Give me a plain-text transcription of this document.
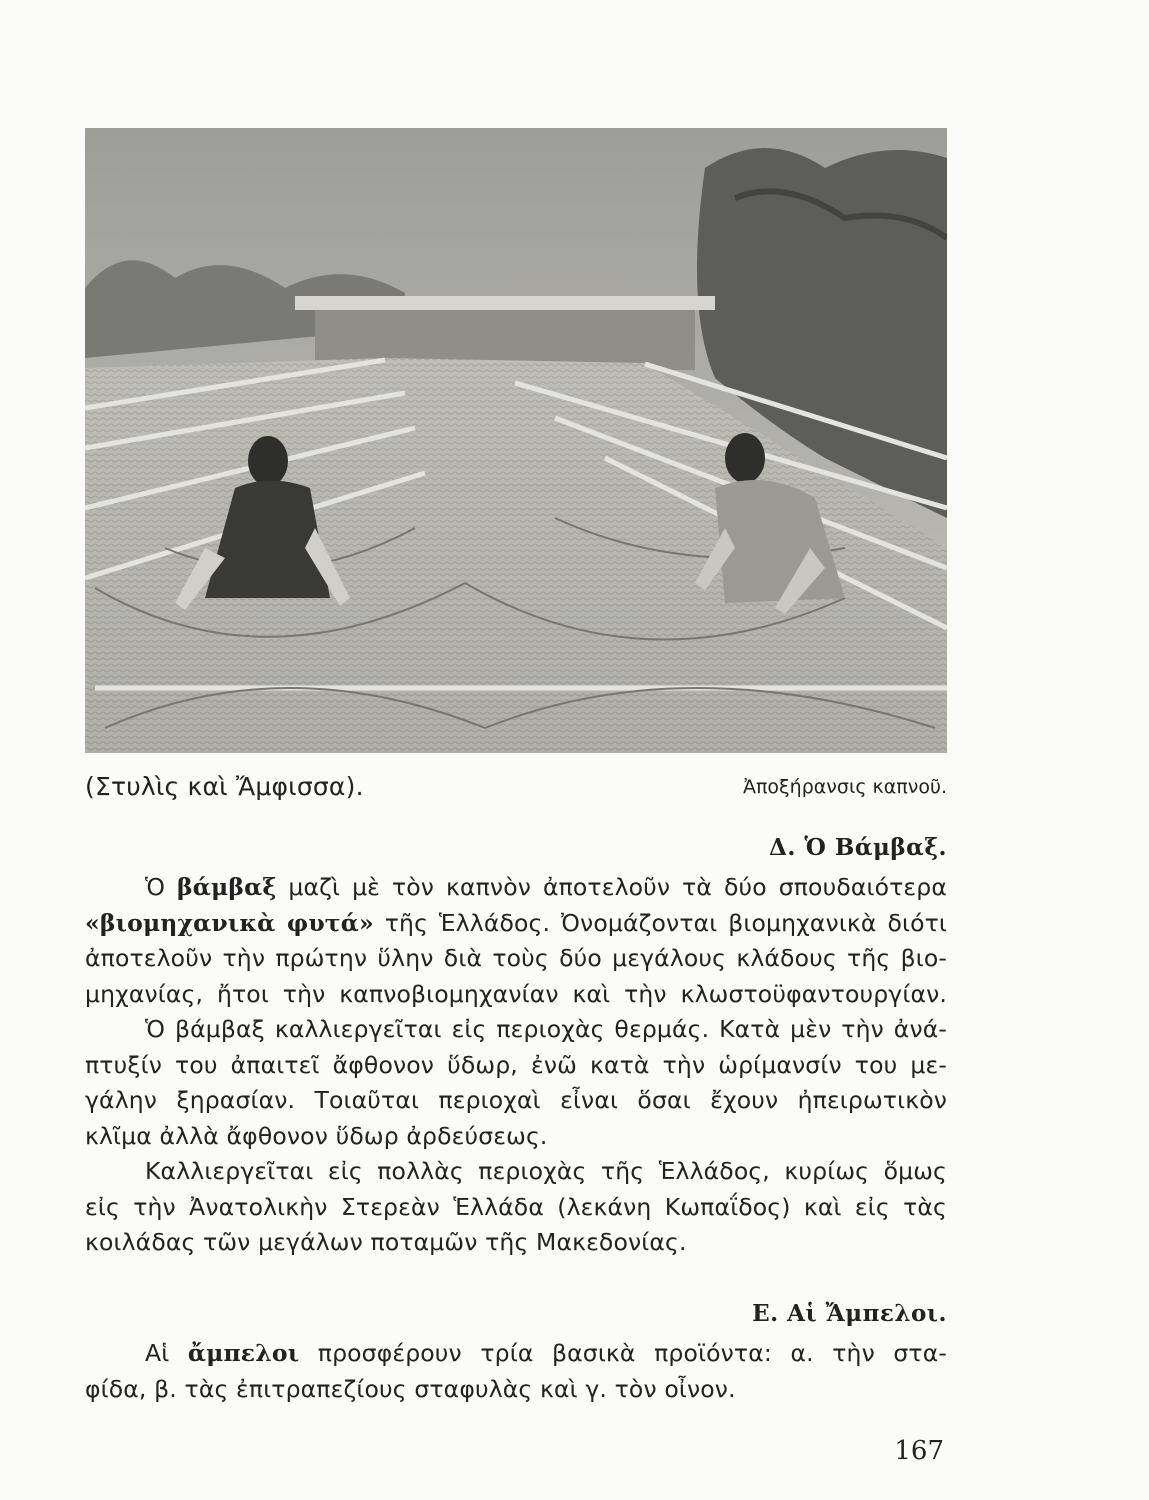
(Στυλὶς καὶ Ἄμφισσα).	Ἀποξήρανσις καπνοῦ.
Δ. Ὁ Βάμβαξ.
Ὁ βάμβαξ μαζὶ μὲ τὸν καπνὸν ἀποτελοῦν τὰ δύο σπουδαιότερα
«βιομηχανικὰ φυτά» τῆς Ἑλλάδος. Ὀνομάζονται βιομηχανικὰ διότι
ἀποτελοῦν τὴν πρώτην ὕλην διὰ τοὺς δύο μεγάλους κλάδους τῆς βιο-
μηχανίας, ἤτοι τὴν καπνοβιομηχανίαν καὶ τὴν κλωστοϋφαντουργίαν.
Ὁ βάμβαξ καλλιεργεῖται εἰς περιοχὰς θερμάς. Κατὰ μὲν τὴν ἀνά-
πτυξίν του ἀπαιτεῖ ἄφθονον ὕδωρ, ἐνῶ κατὰ τὴν ὡρίμανσίν του με-
γάλην ξηρασίαν. Τοιαῦται περιοχαὶ εἶναι ὅσαι ἔχουν ἠπειρωτικὸν
κλῖμα ἀλλὰ ἄφθονον ὕδωρ ἀρδεύσεως.
Καλλιεργεῖται εἰς πολλὰς περιοχὰς τῆς Ἑλλάδος, κυρίως ὅμως
εἰς τὴν Ἀνατολικὴν Στερεὰν Ἑλλάδα (λεκάνη Κωπαΐδος) καὶ εἰς τὰς
κοιλάδας τῶν μεγάλων ποταμῶν τῆς Μακεδονίας.
Ε. Αἱ Ἄμπελοι.
Αἱ ἄμπελοι προσφέρουν τρία βασικὰ προϊόντα: α. τὴν στα-
φίδα, β. τὰς ἐπιτραπεζίους σταφυλὰς καὶ γ. τὸν οἶνον.
167
